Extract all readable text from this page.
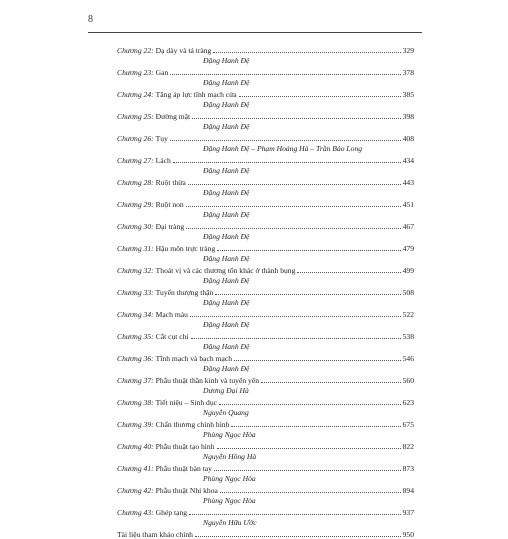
8
Chương 22: Dạ dày và tá tràng	329
Đặng Hanh Đệ
Chương 23: Gan	378
Đặng Hanh Đệ
Chương 24: Tăng áp lực tĩnh mạch cửa	385
Đặng Hanh Đệ
Chương 25: Đường mật	398
Đặng Hanh Đệ
Chương 26: Tụy	408
Đặng Hanh Đệ – Phạm Hoàng Hà – Trần Bảo Long
Chương 27: Lách	434
Đặng Hanh Đệ
Chương 28: Ruột thừa	443
Đặng Hanh Đệ
Chương 29: Ruột non	451
Đặng Hanh Đệ
Chương 30: Đại tràng	467
Đặng Hanh Đệ
Chương 31: Hậu môn trực tràng	479
Đặng Hanh Đệ
Chương 32: Thoát vị và các thương tổn khác ở thành bụng	499
Đặng Hanh Đệ
Chương 33: Tuyến thượng thận	508
Đặng Hanh Đệ
Chương 34: Mạch máu	522
Đặng Hanh Đệ
Chương 35: Cắt cụt chi	538
Đặng Hanh Đệ
Chương 36: Tĩnh mạch và bạch mạch	546
Đặng Hanh Đệ
Chương 37: Phẫu thuật thần kinh và tuyến yên	560
Dương Đại Hà
Chương 38: Tiết niệu – Sinh dục	623
Nguyễn Quang
Chương 39: Chấn thương chỉnh hình	675
Phùng Ngọc Hòa
Chương 40: Phẫu thuật tạo hình	822
Nguyễn Hồng Hà
Chương 41: Phẫu thuật bàn tay	873
Phùng Ngọc Hòa
Chương 42: Phẫu thuật Nhi khoa	894
Phùng Ngọc Hòa
Chương 43: Ghép tạng	937
Nguyễn Hữu Ước
Tài liệu tham khảo chính	950
